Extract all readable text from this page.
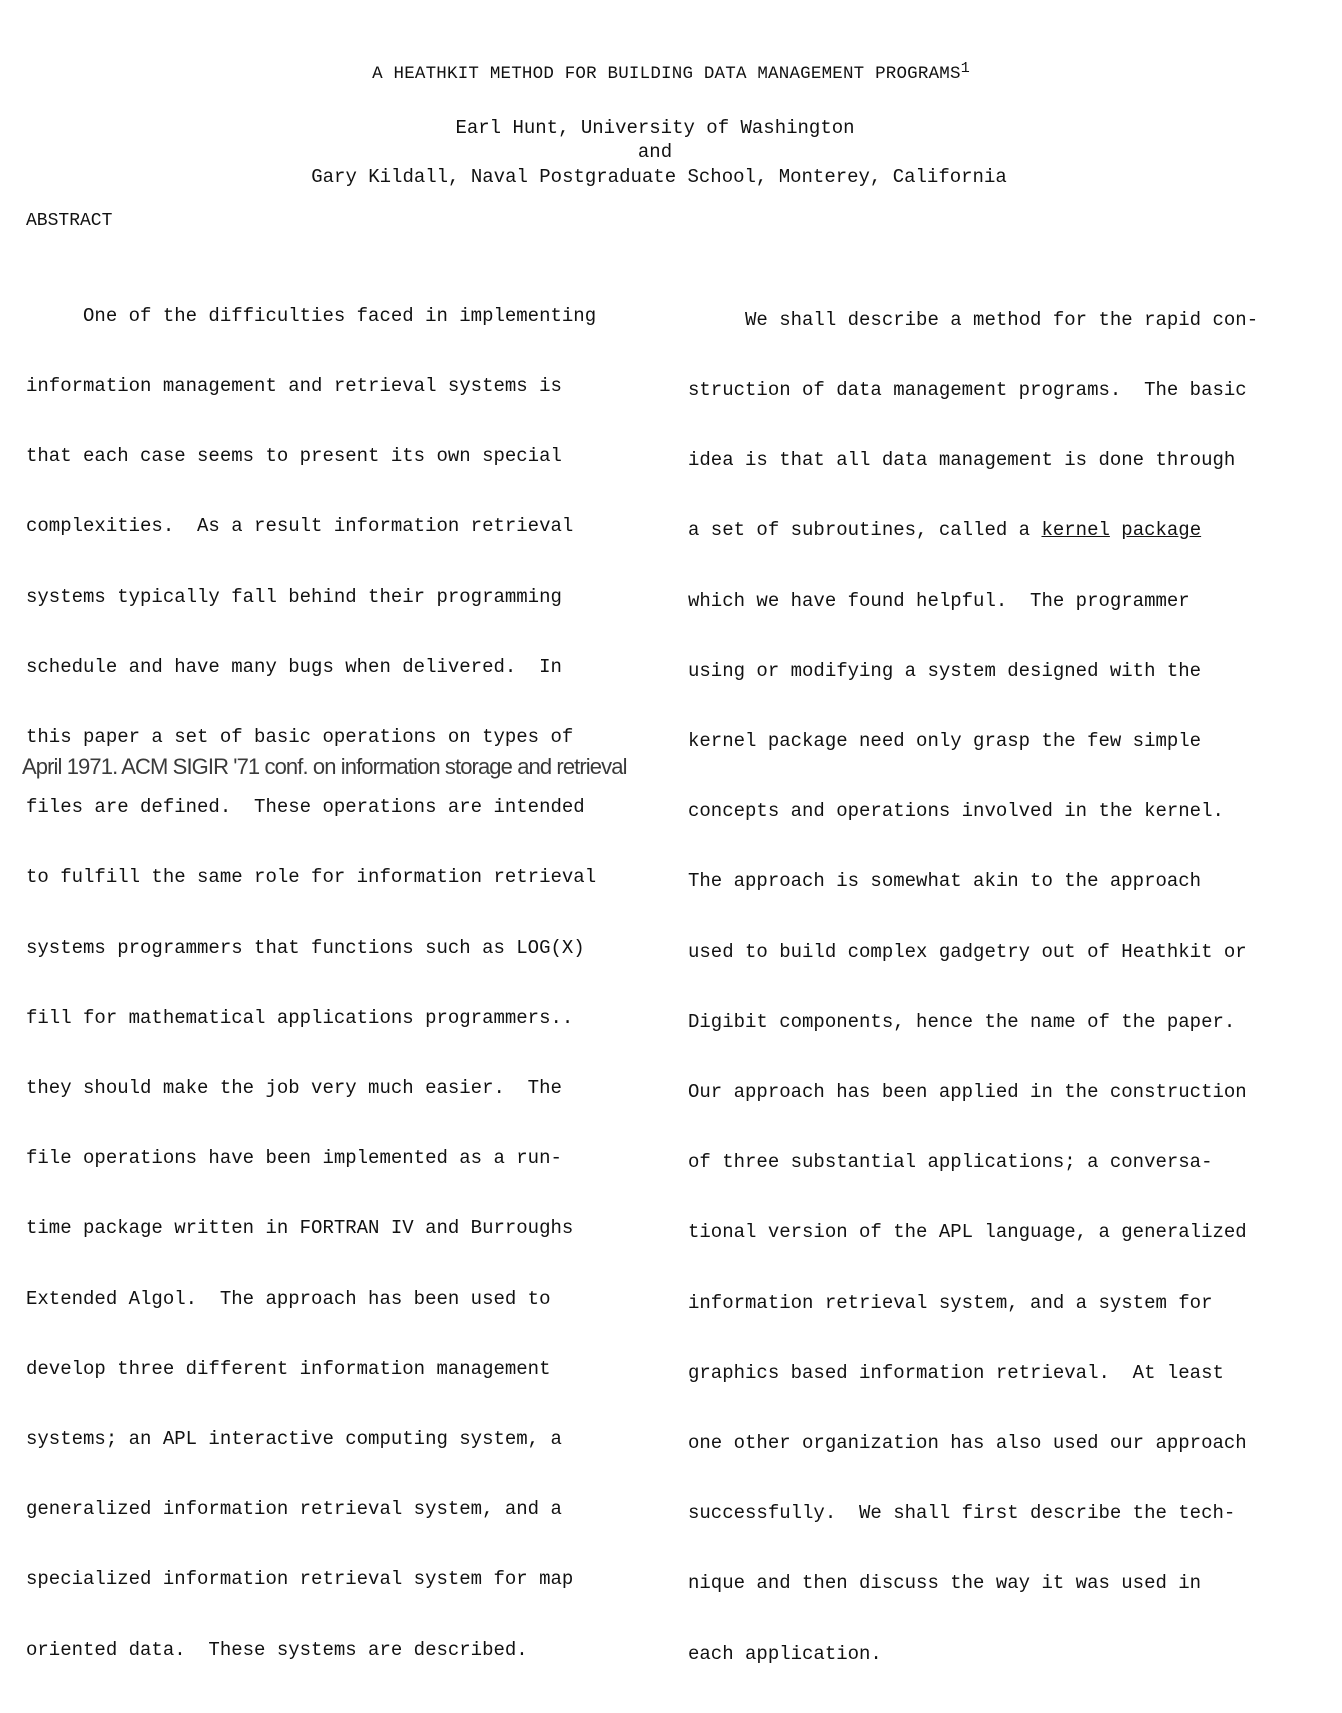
A HEATHKIT METHOD FOR BUILDING DATA MANAGEMENT PROGRAMS$^1$
Earl Hunt, University of Washington
and
Gary Kildall, Naval Postgraduate School, Monterey, California
ABSTRACT

One of the difficulties faced in implementing

information management and retrieval systems is

that each case seems to present its own special

complexities.  As a result information retrieval

systems typically fall behind their programming

schedule and have many bugs when delivered.  In

this paper a set of basic operations on types of

files are defined.  These operations are intended

to fulfill the same role for information retrieval

systems programmers that functions such as LOG(X)

fill for mathematical applications programmers..

they should make the job very much easier.  The

file operations have been implemented as a run-

time package written in FORTRAN IV and Burroughs

Extended Algol.  The approach has been used to

develop three different information management

systems; an APL interactive computing system, a

generalized information retrieval system, and a

specialized information retrieval system for map

oriented data.  These systems are described.

We shall describe a method for the rapid con-

struction of data management programs.  The basic

idea is that all data management is done through

a set of subroutines, called a kernel package

which we have found helpful.  The programmer

using or modifying a system designed with the

kernel package need only grasp the few simple

concepts and operations involved in the kernel.

The approach is somewhat akin to the approach

used to build complex gadgetry out of Heathkit or

Digibit components, hence the name of the paper.

Our approach has been applied in the construction

of three substantial applications; a conversa-

tional version of the APL language, a generalized

information retrieval system, and a system for

graphics based information retrieval.  At least

one other organization has also used our approach

successfully.  We shall first describe the tech-

nique and then discuss the way it was used in

each application.

April 1971. ACM SIGIR '71 conf. on information storage and retrieval
